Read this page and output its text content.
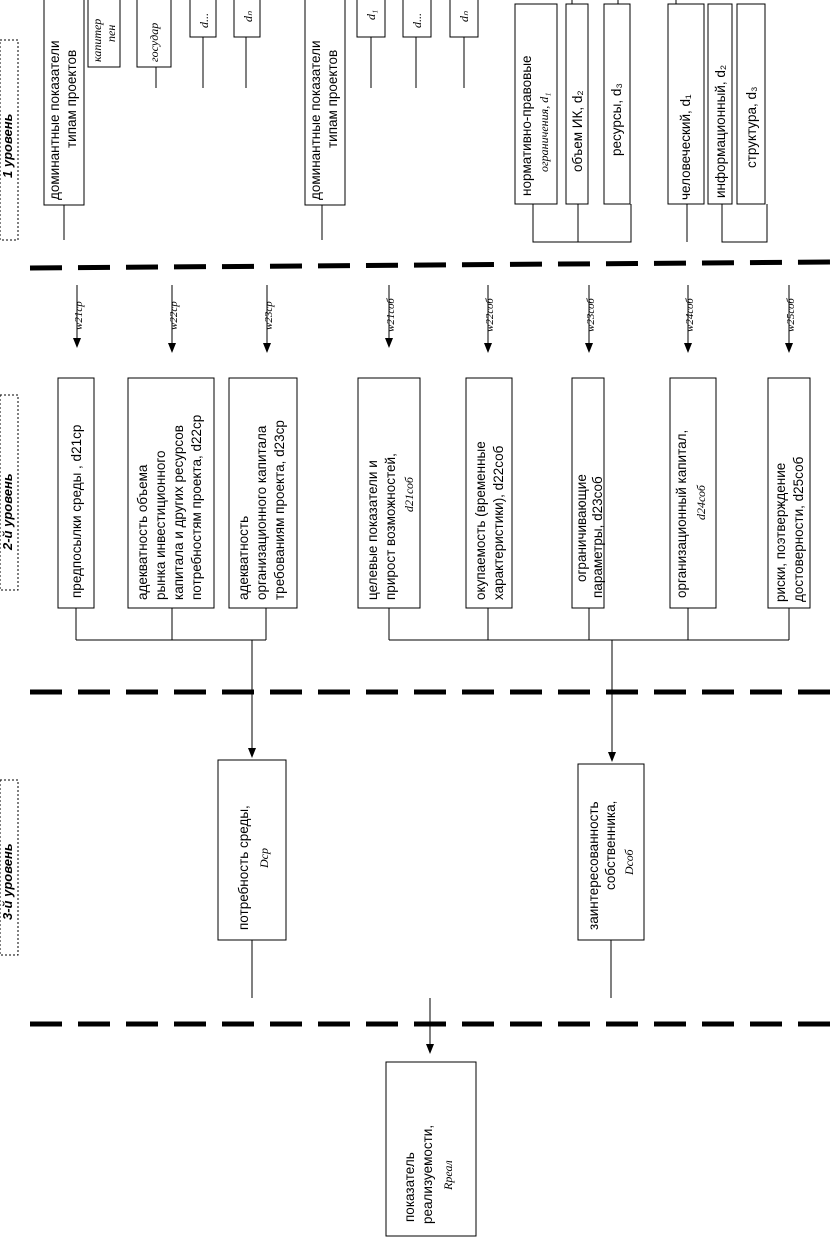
1 уровень
2-й уровень
3-й уровень
доминантные показатели типам проектов
капитер пен государ
d...	dₙ
доминантные показатели типам проектов
d₁	d...	dₙ
нормативно-правовые ограничения, d₁ объем ИК, d₂ ресурсы, d₃	человеческий, d₁ информационный, d₂ структура, d₃
w21ср	w22ср	w23ср	w21соб	w22соб	w23соб	w24соб	w25соб
предпосылки среды , d21ср	адекватность объема рынка инвестиционного капитала и других ресурсов потребностям проекта, d22ср адекватность организационного капитала требованиям проекта, d23ср	целевые показатели и прирост возможностей, d21соб	окупаемость (временные характеристики), d22соб	ограничивающие параметры, d23соб	организационный капитал, d24соб	риски, поэтверждение достоверности, d25соб
потребность среды, Dср	заинтересованность собственника, Dсоб
показатель реализуемости, Rреал
